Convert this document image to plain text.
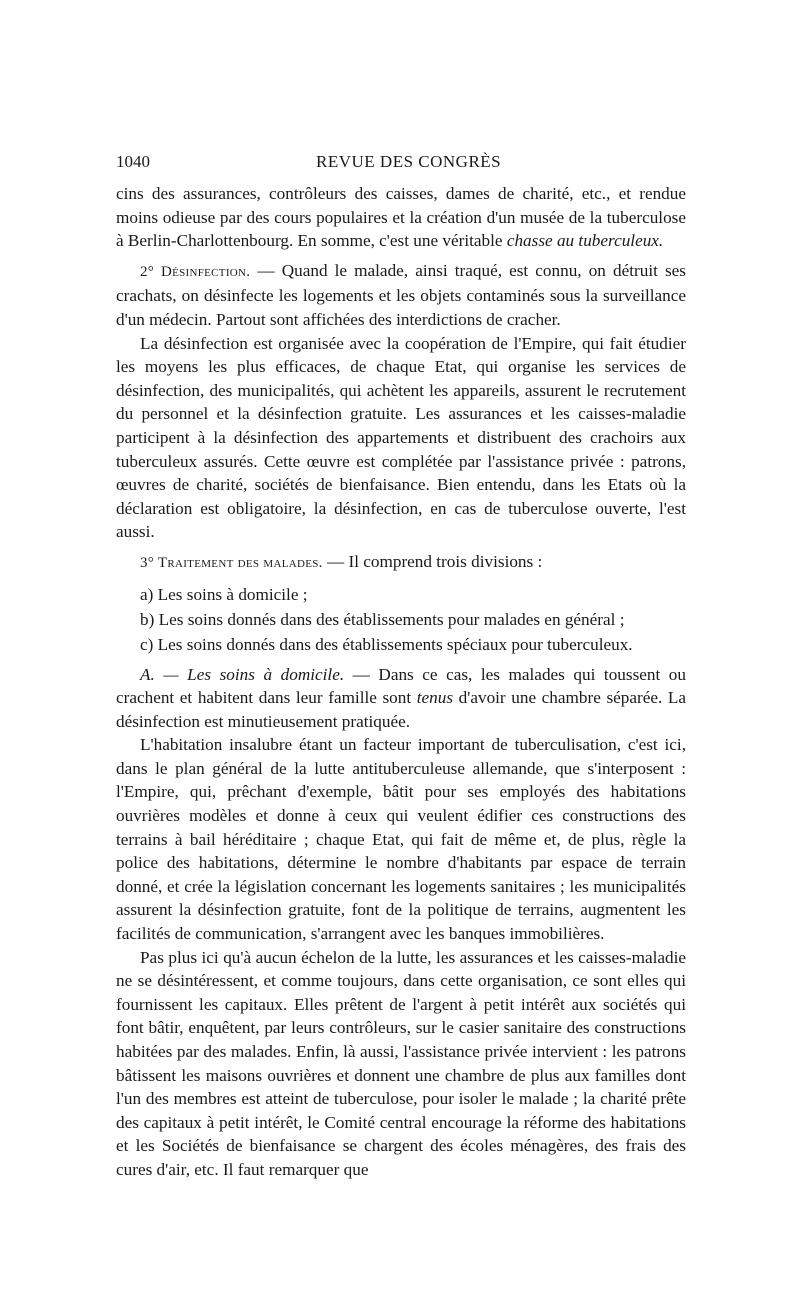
1040	REVUE DES CONGRÈS

cins des assurances, contrôleurs des caisses, dames de charité, etc., et rendue moins odieuse par des cours populaires et la création d'un musée de la tuberculose à Berlin-Charlottenbourg. En somme, c'est une véritable chasse au tuberculeux.

2° Désinfection. — Quand le malade, ainsi traqué, est connu, on détruit ses crachats, on désinfecte les logements et les objets contaminés sous la surveillance d'un médecin. Partout sont affichées des interdictions de cracher.

La désinfection est organisée avec la coopération de l'Empire, qui fait étudier les moyens les plus efficaces, de chaque Etat, qui organise les services de désinfection, des municipalités, qui achètent les appareils, assurent le recrutement du personnel et la désinfection gratuite. Les assurances et les caisses-maladie participent à la désinfection des appartements et distribuent des crachoirs aux tuberculeux assurés. Cette œuvre est complétée par l'assistance privée : patrons, œuvres de charité, sociétés de bienfaisance. Bien entendu, dans les Etats où la déclaration est obligatoire, la désinfection, en cas de tuberculose ouverte, l'est aussi.

3° Traitement des malades. — Il comprend trois divisions :

a) Les soins à domicile ;

b) Les soins donnés dans des établissements pour malades en général ;

c) Les soins donnés dans des établissements spéciaux pour tuberculeux.

A. — Les soins à domicile. — Dans ce cas, les malades qui toussent ou crachent et habitent dans leur famille sont tenus d'avoir une chambre séparée. La désinfection est minutieusement pratiquée.

L'habitation insalubre étant un facteur important de tuberculisation, c'est ici, dans le plan général de la lutte antituberculeuse allemande, que s'interposent : l'Empire, qui, prêchant d'exemple, bâtit pour ses employés des habitations ouvrières modèles et donne à ceux qui veulent édifier ces constructions des terrains à bail héréditaire ; chaque Etat, qui fait de même et, de plus, règle la police des habitations, détermine le nombre d'habitants par espace de terrain donné, et crée la législation concernant les logements sanitaires ; les municipalités assurent la désinfection gratuite, font de la politique de terrains, augmentent les facilités de communication, s'arrangent avec les banques immobilières.

Pas plus ici qu'à aucun échelon de la lutte, les assurances et les caisses-maladie ne se désintéressent, et comme toujours, dans cette organisation, ce sont elles qui fournissent les capitaux. Elles prêtent de l'argent à petit intérêt aux sociétés qui font bâtir, enquêtent, par leurs contrôleurs, sur le casier sanitaire des constructions habitées par des malades. Enfin, là aussi, l'assistance privée intervient : les patrons bâtissent les maisons ouvrières et donnent une chambre de plus aux familles dont l'un des membres est atteint de tuberculose, pour isoler le malade ; la charité prête des capitaux à petit intérêt, le Comité central encourage la réforme des habitations et les Sociétés de bienfaisance se chargent des écoles ménagères, des frais des cures d'air, etc. Il faut remarquer que
